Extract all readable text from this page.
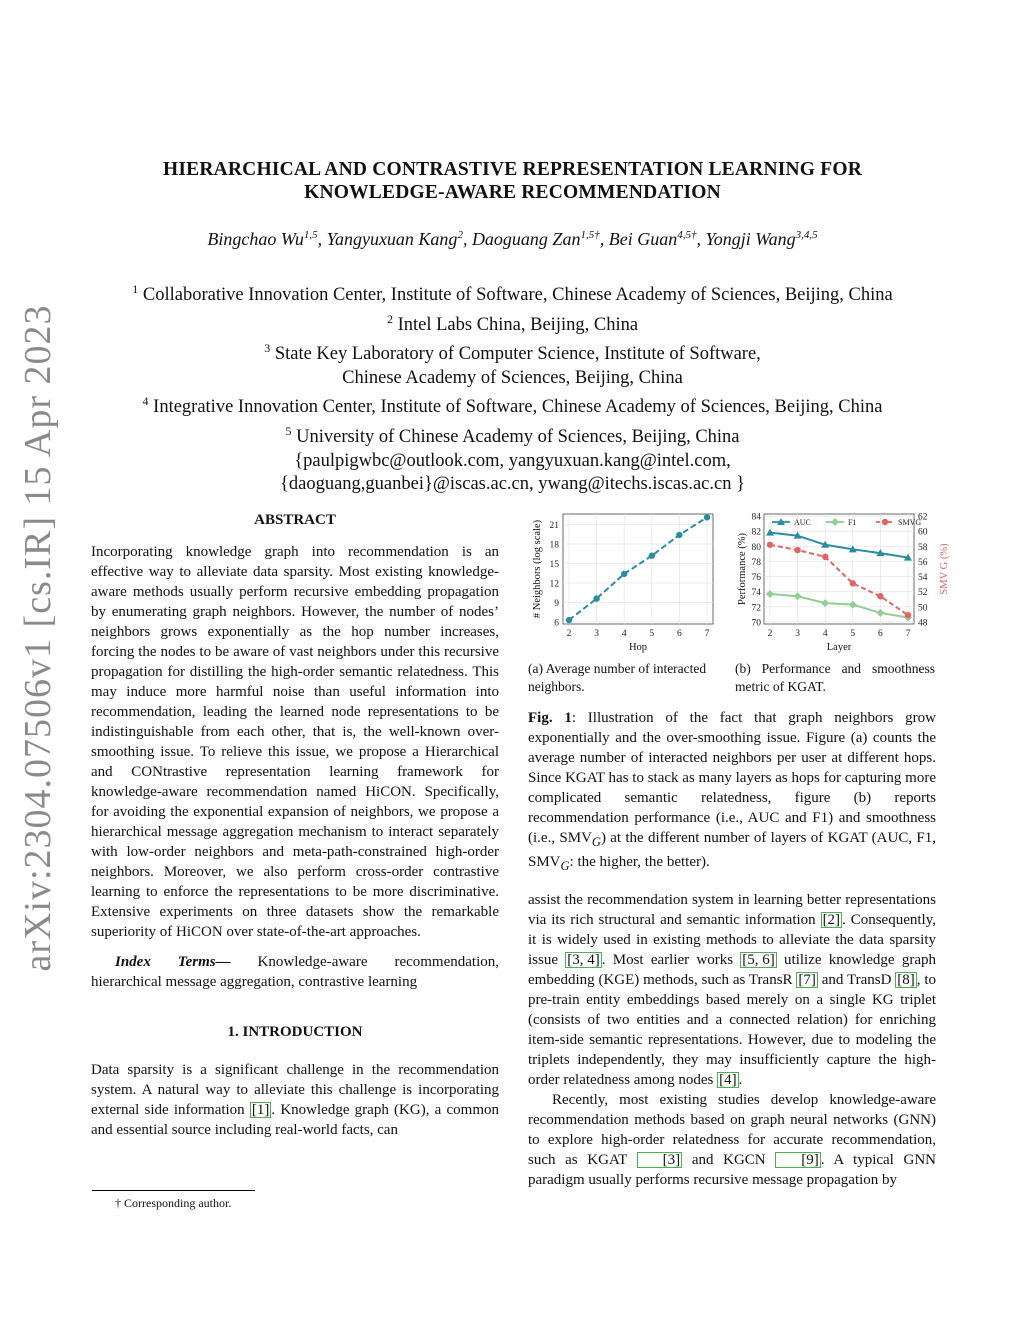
arXiv:2304.07506v1 [cs.IR] 15 Apr 2023
HIERARCHICAL AND CONTRASTIVE REPRESENTATION LEARNING FOR
KNOWLEDGE-AWARE RECOMMENDATION
Bingchao Wu$^{1,5}$, Yangyuxuan Kang$^2$, Daoguang Zan$^{1,5\dagger}$, Bei Guan$^{4,5\dagger}$, Yongji Wang$^{3,4,5}$
$^1$ Collaborative Innovation Center, Institute of Software, Chinese Academy of Sciences, Beijing, China
$^2$ Intel Labs China, Beijing, China
$^3$ State Key Laboratory of Computer Science, Institute of Software,
Chinese Academy of Sciences, Beijing, China
$^4$ Integrative Innovation Center, Institute of Software, Chinese Academy of Sciences, Beijing, China
$^5$ University of Chinese Academy of Sciences, Beijing, China
{paulpigwbc@outlook.com, yangyuxuan.kang@intel.com,
{daoguang,guanbei}@iscas.ac.cn, ywang@itechs.iscas.ac.cn }

ABSTRACT

Incorporating knowledge graph into recommendation is an effective way to alleviate data sparsity. Most existing knowledge-aware methods usually perform recursive embedding propagation by enumerating graph neighbors. However, the number of nodes’ neighbors grows exponentially as the hop number increases, forcing the nodes to be aware of vast neighbors under this recursive propagation for distilling the high-order semantic relatedness. This may induce more harmful noise than useful information into recommendation, leading the learned node representations to be indistinguishable from each other, that is, the well-known over-smoothing issue. To relieve this issue, we propose a Hierarchical and CONtrastive representation learning framework for knowledge-aware recommendation named HiCON. Specifically, for avoiding the exponential expansion of neighbors, we propose a hierarchical message aggregation mechanism to interact separately with low-order neighbors and meta-path-constrained high-order neighbors. Moreover, we also perform cross-order contrastive learning to enforce the representations to be more discriminative. Extensive experiments on three datasets show the remarkable superiority of HiCON over state-of-the-art approaches.

Index Terms— Knowledge-aware recommendation, hierarchical message aggregation, contrastive learning

1. INTRODUCTION

Data sparsity is a significant challenge in the recommendation system. A natural way to alleviate this challenge is incorporating external side information [1] . Knowledge graph (KG), a common and essential source including real-world facts, can

† Corresponding author.
6
9
12
15
18
21
2 3 4 5 6 7
Hop
# Neighbors (log scale)
70
72
74
76
78
80
82
84
48
50
52
54
56
58
60
62
2 3 4 5 6 7
AUC	F1	SMVG
Layer
Performance (%)	SMV G (%)
(a) Average number of interacted neighbors.
(b) Performance and smoothness metric of KGAT.
Fig. 1: Illustration of the fact that graph neighbors grow exponentially and the over-smoothing issue. Figure (a) counts the average number of interacted neighbors per user at different hops. Since KGAT has to stack as many layers as hops for capturing more complicated semantic relatedness, figure (b) reports recommendation performance (i.e., AUC and F1) and smoothness (i.e., $SMV_G$) at the different number of layers of KGAT (AUC, F1, $SMV_G$: the higher, the better).

assist the recommendation system in learning better representations via its rich structural and semantic information [2] . Consequently, it is widely used in existing methods to alleviate the data sparsity issue [3, 4] . Most earlier works [5, 6] utilize knowledge graph embedding (KGE) methods, such as TransR [7] and TransD [8] , to pre-train entity embeddings based merely on a single KG triplet (consists of two entities and a connected relation) for enriching item-side semantic representations. However, due to modeling the triplets independently, they may insufficiently capture the high-order relatedness among nodes [4] .

Recently, most existing studies develop knowledge-aware recommendation methods based on graph neural networks (GNN) to explore high-order relatedness for accurate recommendation, such as KGAT [3] and KGCN [9] . A typical GNN paradigm usually performs recursive message propagation by
